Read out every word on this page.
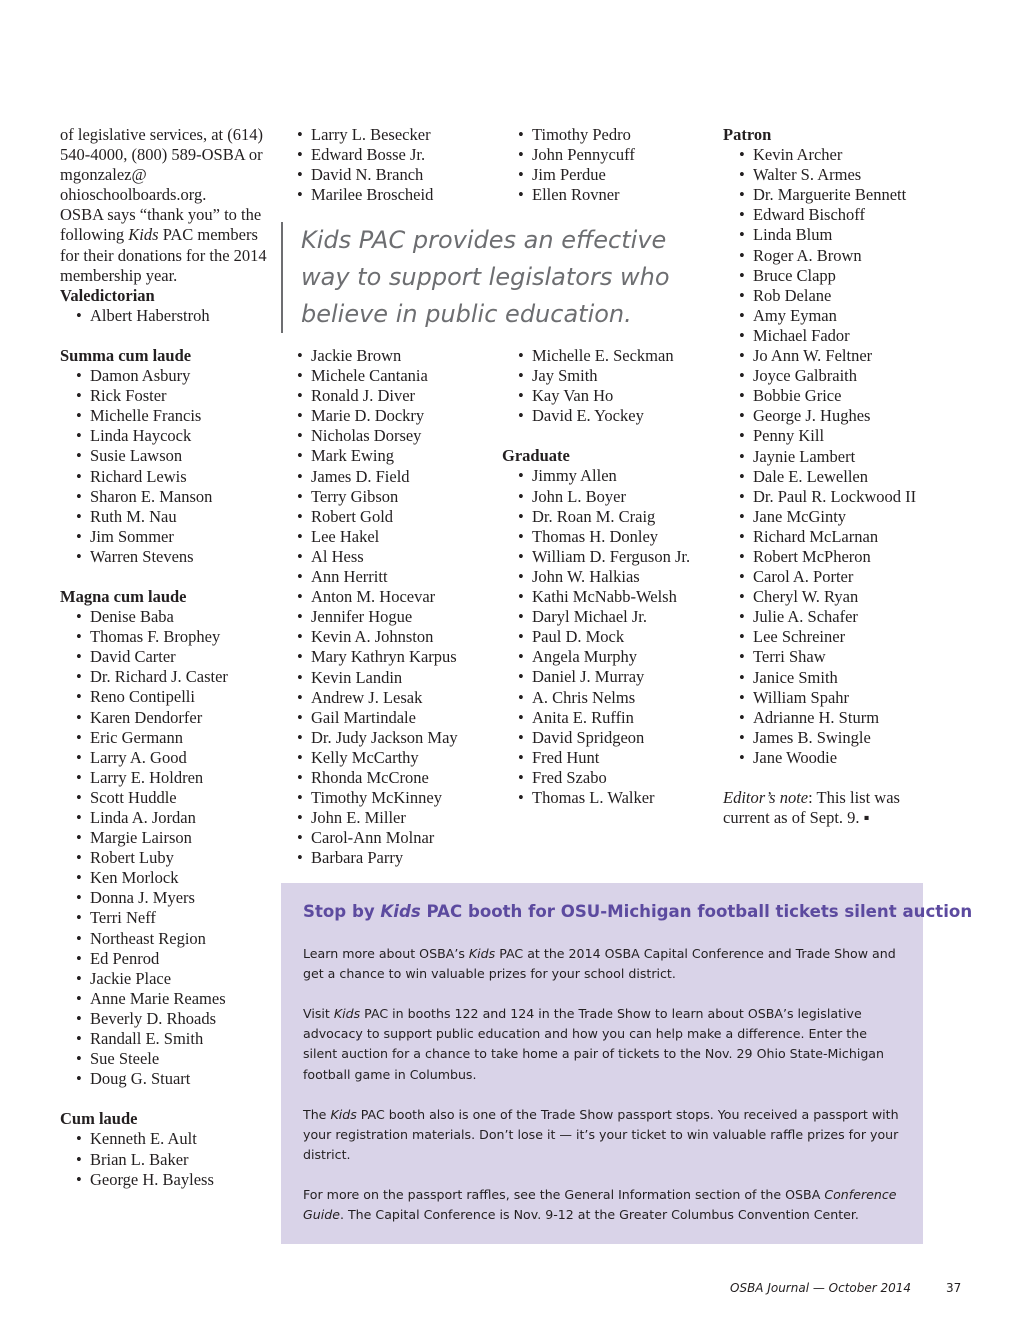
of legislative services, at (614) 540-4000, (800) 589-OSBA or mgonzalez@ ohioschoolboards.org.

OSBA says “thank you” to the following Kids PAC members for their donations for the 2014 membership year.

Valedictorian
• Albert Haberstroh
Summa cum laude
• Damon Asbury
• Rick Foster
• Michelle Francis
• Linda Haycock
• Susie Lawson
• Richard Lewis
• Sharon E. Manson
• Ruth M. Nau
• Jim Sommer
• Warren Stevens
Magna cum laude
• Denise Baba
• Thomas F. Brophey
• David Carter
• Dr. Richard J. Caster
• Reno Contipelli
• Karen Dendorfer
• Eric Germann
• Larry A. Good
• Larry E. Holdren
• Scott Huddle
• Linda A. Jordan
• Margie Lairson
• Robert Luby
• Ken Morlock
• Donna J. Myers
• Terri Neff
• Northeast Region
• Ed Penrod
• Jackie Place
• Anne Marie Reames
• Beverly D. Rhoads
• Randall E. Smith
• Sue Steele
• Doug G. Stuart
Cum laude
• Kenneth E. Ault
• Brian L. Baker
• George H. Bayless
• Larry L. Besecker
• Edward Bosse Jr.
• David N. Branch
• Marilee Broscheid
• Timothy Pedro
• John Pennycuff
• Jim Perdue
• Ellen Rovner
Kids PAC provides an effective way to support legislators who believe in public education.
• Jackie Brown
• Michele Cantania
• Ronald J. Diver
• Marie D. Dockry
• Nicholas Dorsey
• Mark Ewing
• James D. Field
• Terry Gibson
• Robert Gold
• Lee Hakel
• Al Hess
• Ann Herritt
• Anton M. Hocevar
• Jennifer Hogue
• Kevin A. Johnston
• Mary Kathryn Karpus
• Kevin Landin
• Andrew J. Lesak
• Gail Martindale
• Dr. Judy Jackson May
• Kelly McCarthy
• Rhonda McCrone
• Timothy McKinney
• John E. Miller
• Carol-Ann Molnar
• Barbara Parry
• Michelle E. Seckman
• Jay Smith
• Kay Van Ho
• David E. Yockey
Graduate
• Jimmy Allen
• John L. Boyer
• Dr. Roan M. Craig
• Thomas H. Donley
• William D. Ferguson Jr.
• John W. Halkias
• Kathi McNabb-Welsh
• Daryl Michael Jr.
• Paul D. Mock
• Angela Murphy
• Daniel J. Murray
• A. Chris Nelms
• Anita E. Ruffin
• David Spridgeon
• Fred Hunt
• Fred Szabo
• Thomas L. Walker
Patron
• Kevin Archer
• Walter S. Armes
• Dr. Marguerite Bennett
• Edward Bischoff
• Linda Blum
• Roger A. Brown
• Bruce Clapp
• Rob Delane
• Amy Eyman
• Michael Fador
• Jo Ann W. Feltner
• Joyce Galbraith
• Bobbie Grice
• George J. Hughes
• Penny Kill
• Jaynie Lambert
• Dale E. Lewellen
• Dr. Paul R. Lockwood II
• Jane McGinty
• Richard McLarnan
• Robert McPheron
• Carol A. Porter
• Cheryl W. Ryan
• Julie A. Schafer
• Lee Schreiner
• Terri Shaw
• Janice Smith
• William Spahr
• Adrianne H. Sturm
• James B. Swingle
• Jane Woodie

Editor’s note: This list was current as of Sept. 9. ▪

Stop by Kids PAC booth for OSU-Michigan football tickets silent auction

Learn more about OSBA’s Kids PAC at the 2014 OSBA Capital Conference and Trade Show and get a chance to win valuable prizes for your school district.

Visit Kids PAC in booths 122 and 124 in the Trade Show to learn about OSBA’s legislative advocacy to support public education and how you can help make a difference. Enter the silent auction for a chance to take home a pair of tickets to the Nov. 29 Ohio State-Michigan football game in Columbus.

The Kids PAC booth also is one of the Trade Show passport stops. You received a passport with your registration materials. Don’t lose it — it’s your ticket to win valuable raffle prizes for your district.

For more on the passport raffles, see the General Information section of the OSBA Conference Guide. The Capital Conference is Nov. 9-12 at the Greater Columbus Convention Center.

OSBA Journal — October 2014	37
